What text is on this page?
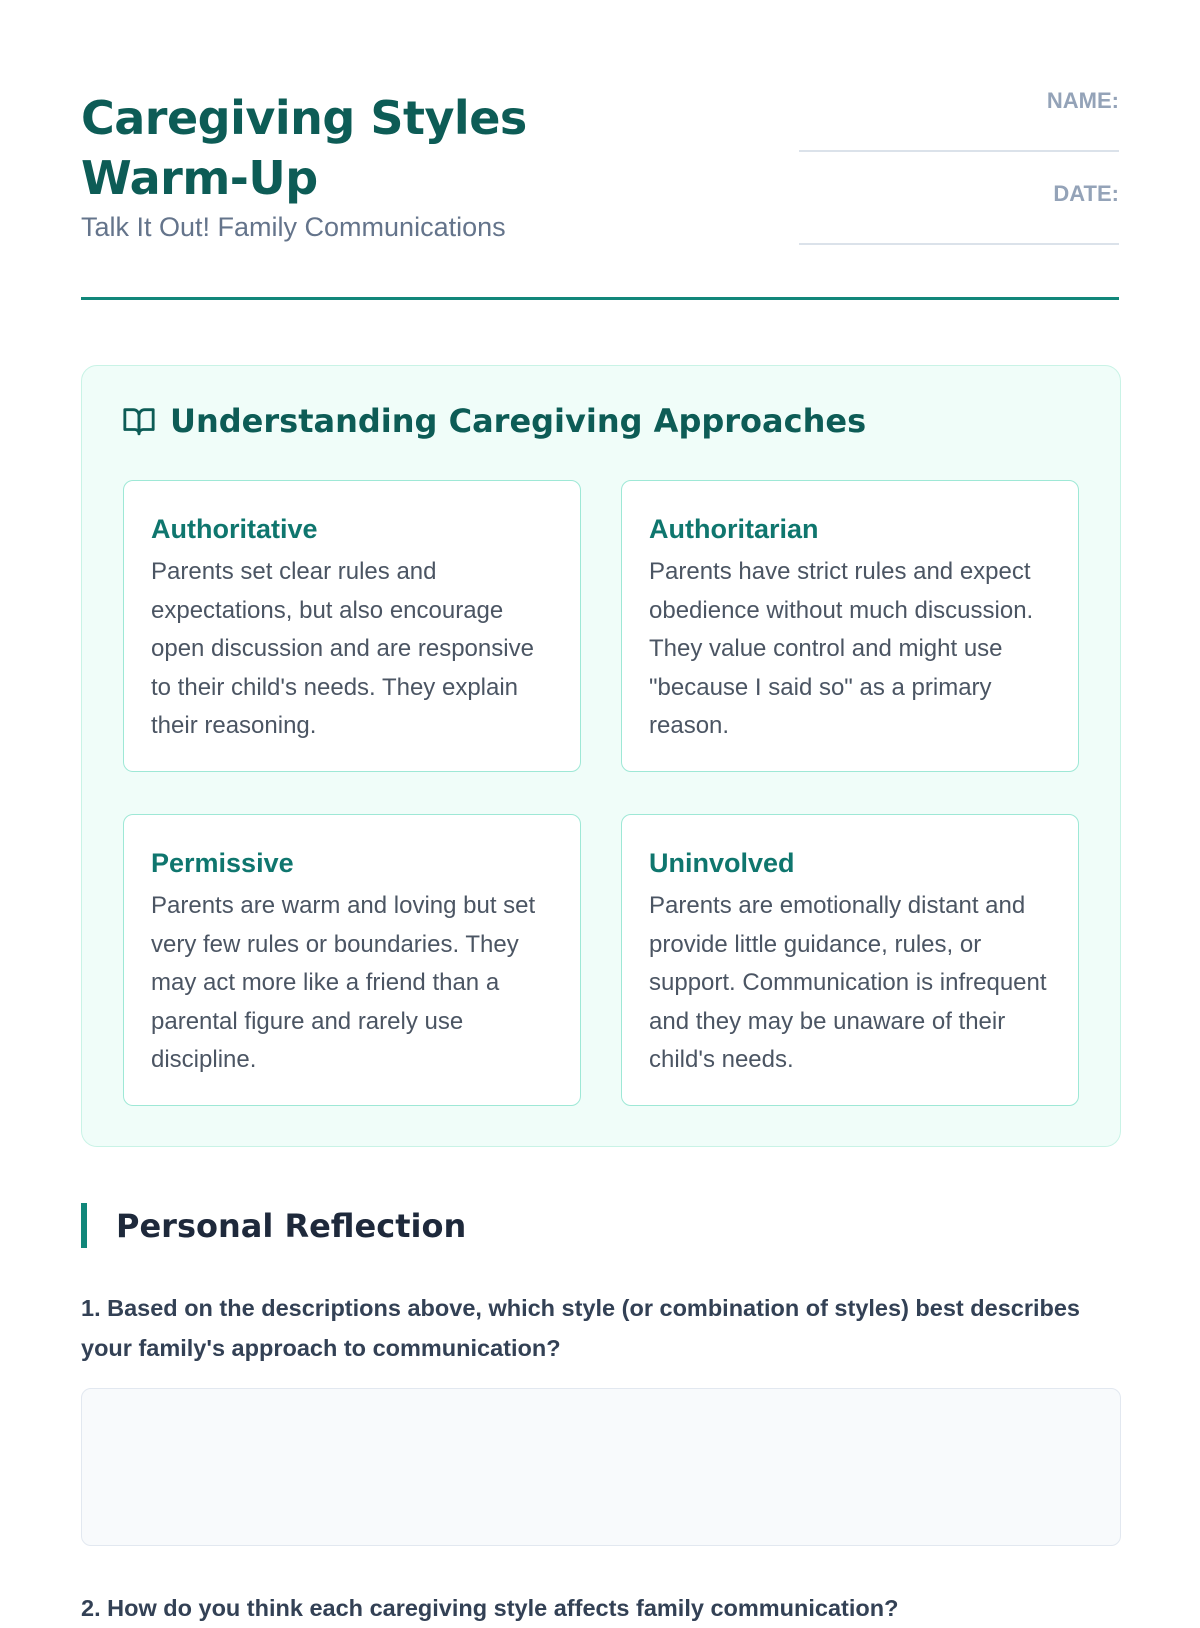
Caregiving Styles Warm-Up
Talk It Out! Family Communications
NAME:
DATE:
Understanding Caregiving Approaches
Authoritative

Parents set clear rules and expectations, but also encourage open discussion and are responsive to their child's needs. They explain their reasoning.

Authoritarian

Parents have strict rules and expect obedience without much discussion. They value control and might use "because I said so" as a primary reason.

Permissive

Parents are warm and loving but set very few rules or boundaries. They may act more like a friend than a parental figure and rarely use discipline.

Uninvolved

Parents are emotionally distant and provide little guidance, rules, or support. Communication is infrequent and they may be unaware of their child's needs.

Personal Reflection
1. Based on the descriptions above, which style (or combination of styles) best describes your family's approach to communication?
2. How do you think each caregiving style affects family communication?
